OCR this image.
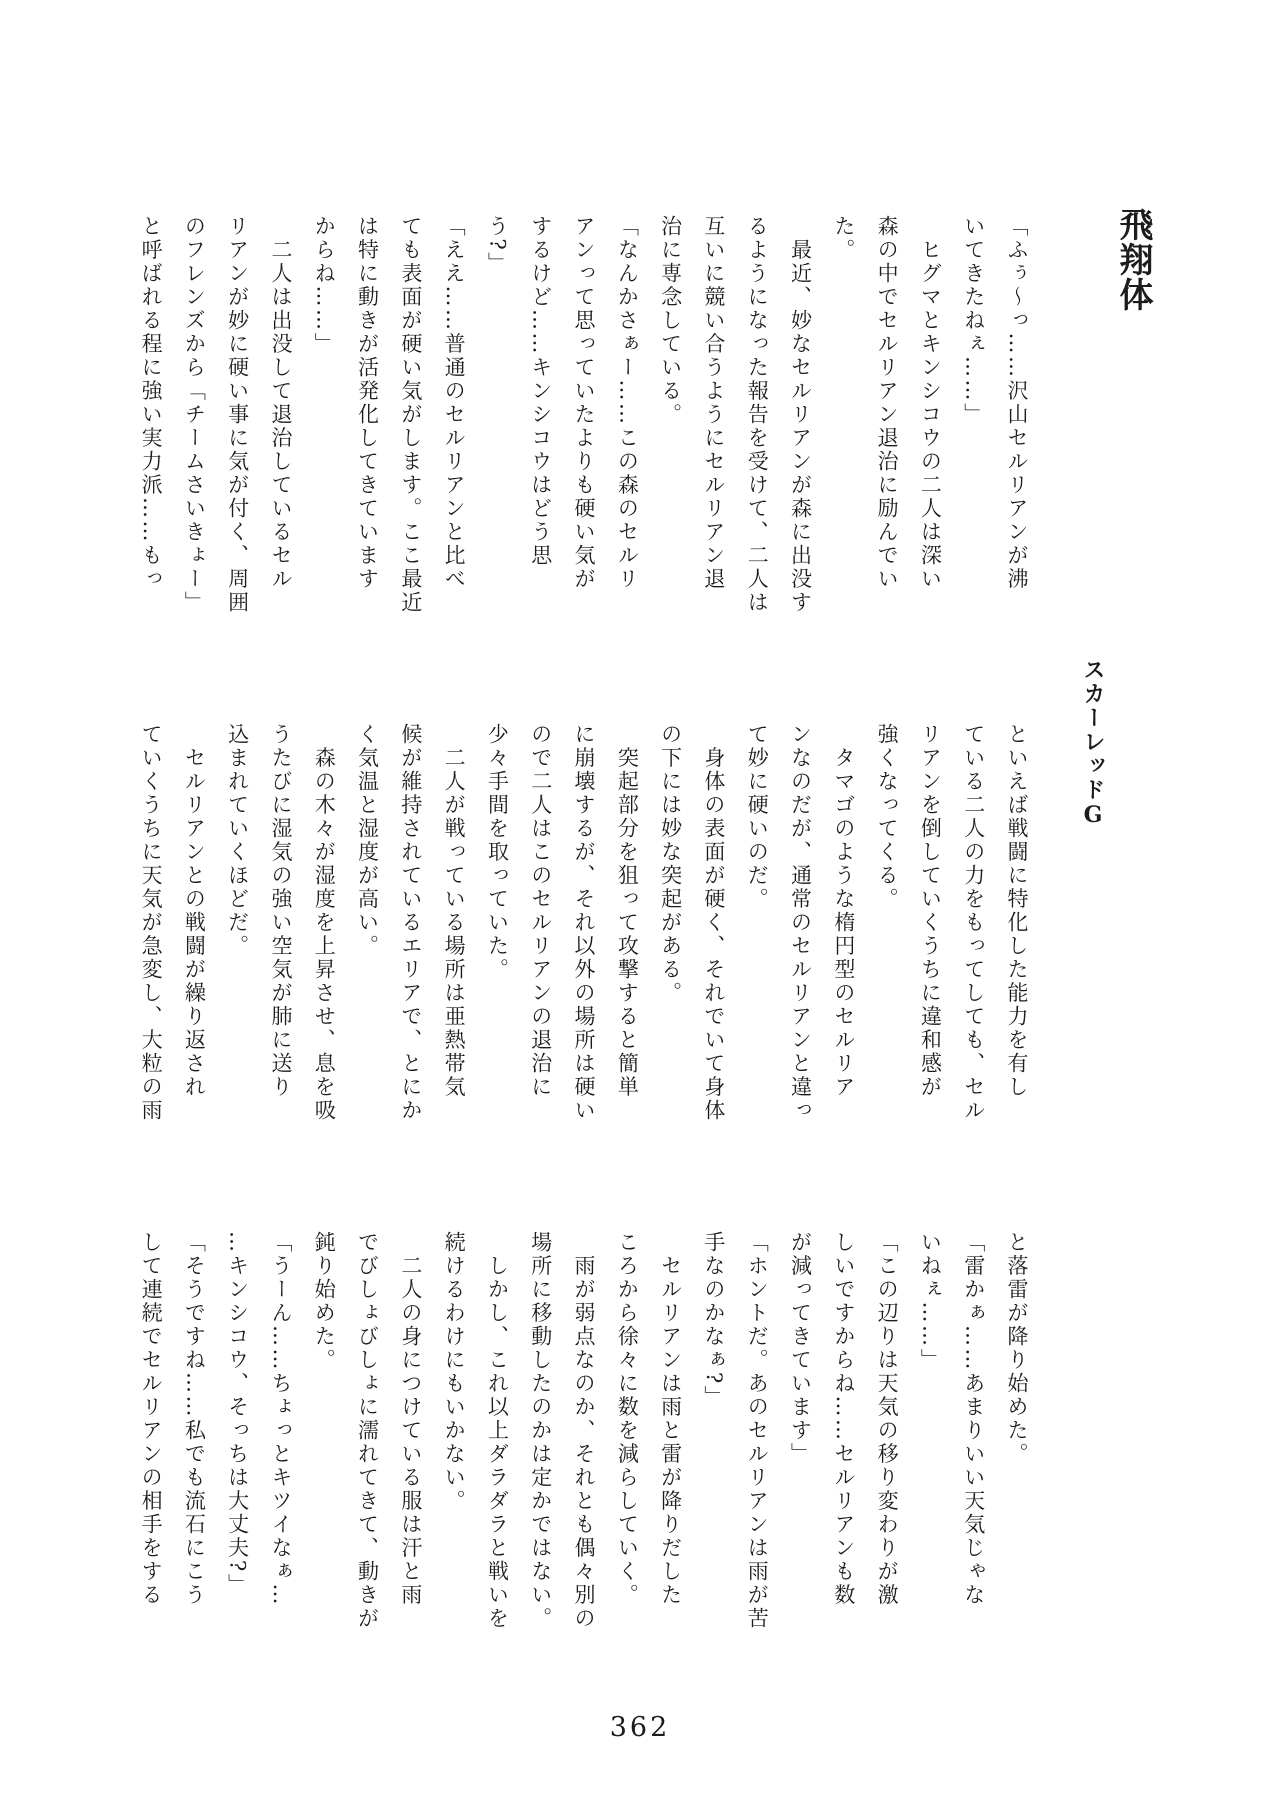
飛翔体
スカーレッドG

「ふぅ〜っ……沢山セルリアンが沸

いてきたねぇ……」

　ヒグマとキンシコウの二人は深い

森の中でセルリアン退治に励んでい

た。

　最近、妙なセルリアンが森に出没す

るようになった報告を受けて、二人は

互いに競い合うようにセルリアン退

治に専念している。

「なんかさぁー……この森のセルリ

アンって思っていたよりも硬い気が

するけど……キンシコウはどう思

う?」

「ええ……普通のセルリアンと比べ

ても表面が硬い気がします。ここ最近

は特に動きが活発化してきています

からね……」

　二人は出没して退治しているセル

リアンが妙に硬い事に気が付く、周囲

のフレンズから「チームさいきょー」

と呼ばれる程に強い実力派……もっ

といえば戦闘に特化した能力を有し

ている二人の力をもってしても、セル

リアンを倒していくうちに違和感が

強くなってくる。

　タマゴのような楕円型のセルリア

ンなのだが、通常のセルリアンと違っ

て妙に硬いのだ。

　身体の表面が硬く、それでいて身体

の下には妙な突起がある。

　突起部分を狙って攻撃すると簡単

に崩壊するが、それ以外の場所は硬い

ので二人はこのセルリアンの退治に

少々手間を取っていた。

　二人が戦っている場所は亜熱帯気

候が維持されているエリアで、とにか

く気温と湿度が高い。

　森の木々が湿度を上昇させ、息を吸

うたびに湿気の強い空気が肺に送り

込まれていくほどだ。

　セルリアンとの戦闘が繰り返され

ていくうちに天気が急変し、大粒の雨

と落雷が降り始めた。

「雷かぁ……あまりいい天気じゃな

いねぇ……」

「この辺りは天気の移り変わりが激

しいですからね……セルリアンも数

が減ってきています」

「ホントだ。あのセルリアンは雨が苦

手なのかなぁ?」

　セルリアンは雨と雷が降りだした

ころから徐々に数を減らしていく。

　雨が弱点なのか、それとも偶々別の

場所に移動したのかは定かではない。

　しかし、これ以上ダラダラと戦いを

続けるわけにもいかない。

　二人の身につけている服は汗と雨

でびしょびしょに濡れてきて、動きが

鈍り始めた。

「うーん……ちょっとキツイなぁ…

…キンシコウ、そっちは大丈夫?」

「そうですね……私でも流石にこう

して連続でセルリアンの相手をする

362
